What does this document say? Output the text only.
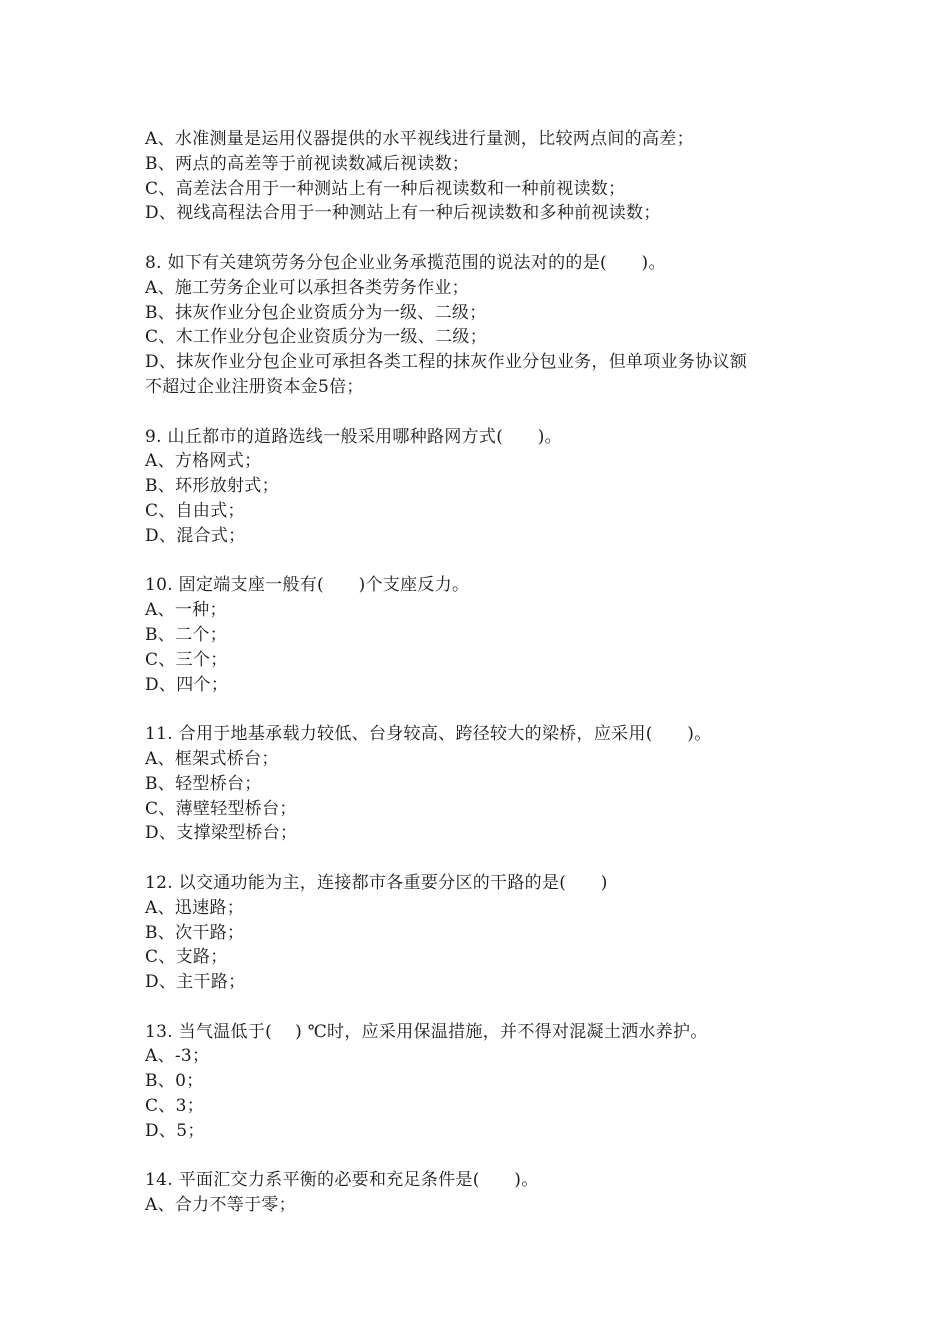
A、水准测量是运用仪器提供的水平视线进行量测，比较两点间的高差；
B、两点的高差等于前视读数减后视读数；
C、高差法合用于一种测站上有一种后视读数和一种前视读数；
D、视线高程法合用于一种测站上有一种后视读数和多种前视读数；
8. 如下有关建筑劳务分包企业业务承揽范围的说法对的的是(　　)。
A、施工劳务企业可以承担各类劳务作业；
B、抹灰作业分包企业资质分为一级、二级；
C、木工作业分包企业资质分为一级、二级；
D、抹灰作业分包企业可承担各类工程的抹灰作业分包业务，但单项业务协议额
不超过企业注册资本金5倍；
9. 山丘都市的道路选线一般采用哪种路网方式(　　)。
A、方格网式；
B、环形放射式；
C、自由式；
D、混合式；
10. 固定端支座一般有(　　)个支座反力。
A、一种；
B、二个；
C、三个；
D、四个；
11. 合用于地基承载力较低、台身较高、跨径较大的梁桥，应采用(　　)。
A、框架式桥台；
B、轻型桥台；
C、薄壁轻型桥台；
D、支撑梁型桥台；
12. 以交通功能为主，连接都市各重要分区的干路的是(　　)
A、迅速路；
B、次干路；
C、支路；
D、主干路；
13. 当气温低于(　 ) ℃时，应采用保温措施，并不得对混凝土洒水养护。
A、-3；
B、0；
C、3；
D、5；
14. 平面汇交力系平衡的必要和充足条件是(　　)。
A、合力不等于零；
